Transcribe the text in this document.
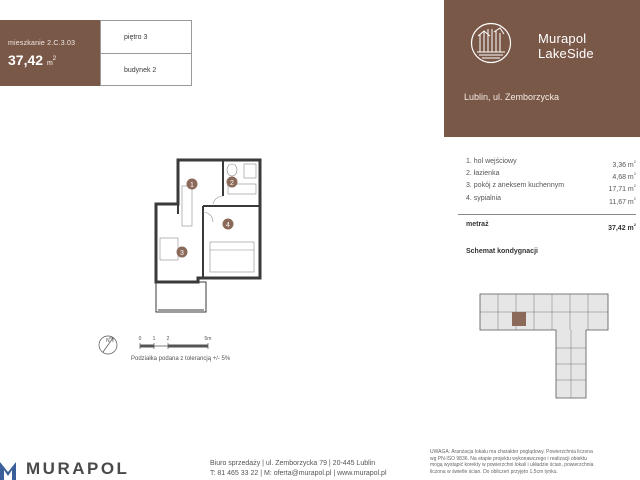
mieszkanie 2.C.3.03
37,42 $m^2$
piętro 3
budynek 2
Murapol
LakeSide
Lublin, ul. Zemborzycka
1	2
3
4
N	0 1 2	5m
Podziałka podana z tolerancją +/- 5%
1. hol wejściowy
3,36 $m^2$
2. łazienka
4,68 $m^2$
3. pokój z aneksem kuchennym
17,71 $m^2$
4. sypialnia
11,67 $m^2$
metraż
37,42 $m^2$
Schemat kondygnacji
UWAGA: Aranżacja lokalu ma charakter poglądowy. Powierzchnia liczona
wg PN-ISO 9836. Na etapie projektu wykonawczego i realizacji obiektu
mogą wystąpić korekty w powierzchni lokali i układzie ścian, powierzchnia
liczona w świetle ścian. Do obliczeń przyjęto 1,5cm tynku.
MURAPOL	Biuro sprzedaży | ul. Zemborzycka 79 | 20-445 Lublin
T: 81 465 33 22 | M: oferta@murapol.pl | www.murapol.pl
